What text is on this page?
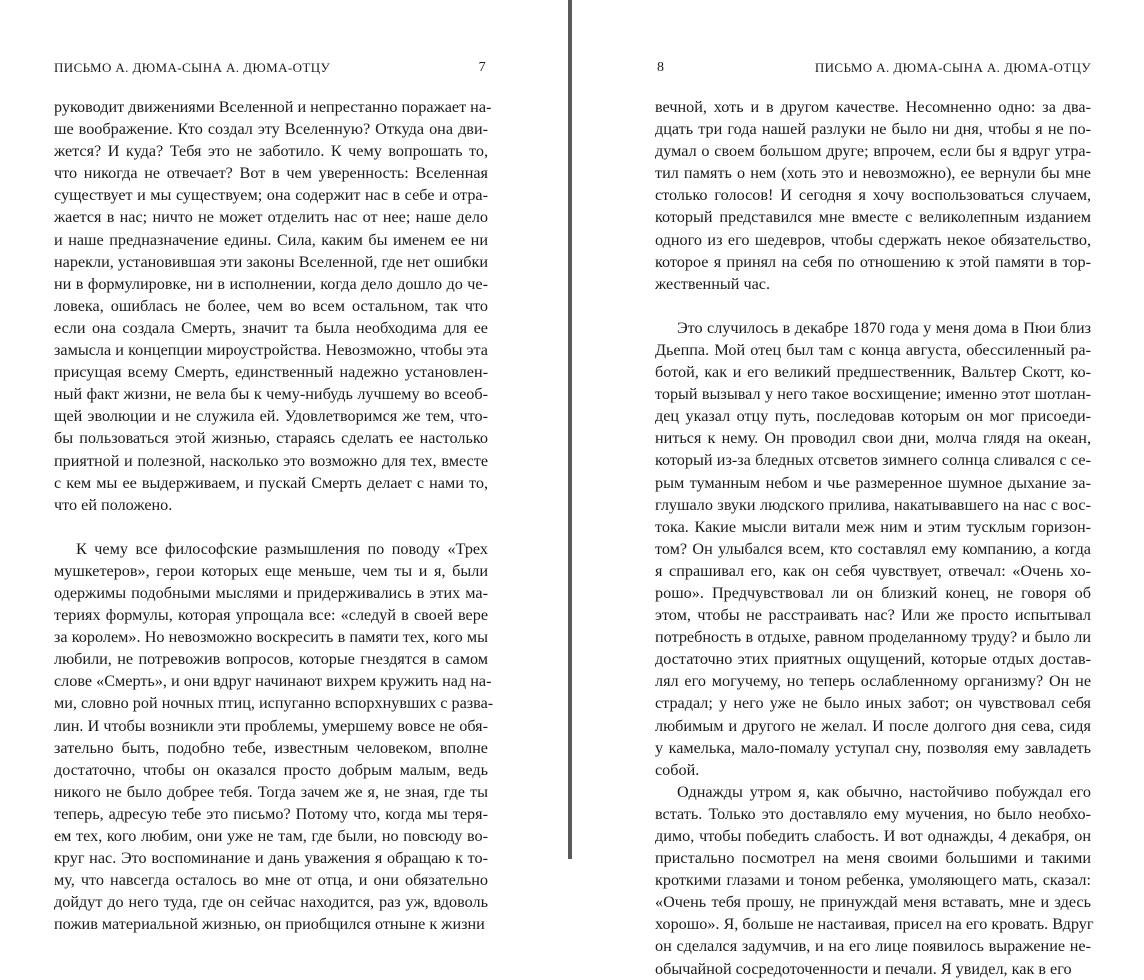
ПИСЬМО А. ДЮМА-СЫНА А. ДЮМА-ОТЦУ	7
руководит движениями Вселенной и непрестанно поражает на-
ше воображение. Кто создал эту Вселенную? Откуда она дви-
жется? И куда? Тебя это не заботило. К чему вопрошать то,
что никогда не отвечает? Вот в чем уверенность: Вселенная
существует и мы существуем; она содержит нас в себе и отра-
жается в нас; ничто не может отделить нас от нее; наше дело
и наше предназначение едины. Сила, каким бы именем ее ни
нарекли, установившая эти законы Вселенной, где нет ошибки
ни в формулировке, ни в исполнении, когда дело дошло до че-
ловека, ошиблась не более, чем во всем остальном, так что
если она создала Смерть, значит та была необходима для ее
замысла и концепции мироустройства. Невозможно, чтобы эта
присущая всему Смерть, единственный надежно установлен-
ный факт жизни, не вела бы к чему-нибудь лучшему во всеоб-
щей эволюции и не служила ей. Удовлетворимся же тем, что-
бы пользоваться этой жизнью, стараясь сделать ее настолько
приятной и полезной, насколько это возможно для тех, вместе
с кем мы ее выдерживаем, и пускай Смерть делает с нами то,
что ей положено.
К чему все философские размышления по поводу «Трех
мушкетеров», герои которых еще меньше, чем ты и я, были
одержимы подобными мыслями и придерживались в этих ма-
териях формулы, которая упрощала все: «следуй в своей вере
за королем». Но невозможно воскресить в памяти тех, кого мы
любили, не потревожив вопросов, которые гнездятся в самом
слове «Смерть», и они вдруг начинают вихрем кружить над на-
ми, словно рой ночных птиц, испуганно вспорхнувших с разва-
лин. И чтобы возникли эти проблемы, умершему вовсе не обя-
зательно быть, подобно тебе, известным человеком, вполне
достаточно, чтобы он оказался просто добрым малым, ведь
никого не было добрее тебя. Тогда зачем же я, не зная, где ты
теперь, адресую тебе это письмо? Потому что, когда мы теря-
ем тех, кого любим, они уже не там, где были, но повсюду во-
круг нас. Это воспоминание и дань уважения я обращаю к то-
му, что навсегда осталось во мне от отца, и они обязательно
дойдут до него туда, где он сейчас находится, раз уж, вдоволь
пожив материальной жизнью, он приобщился отныне к жизни
8	ПИСЬМО А. ДЮМА-СЫНА А. ДЮМА-ОТЦУ
вечной, хоть и в другом качестве. Несомненно одно: за два-
дцать три года нашей разлуки не было ни дня, чтобы я не по-
думал о своем большом друге; впрочем, если бы я вдруг утра-
тил память о нем (хоть это и невозможно), ее вернули бы мне
столько голосов! И сегодня я хочу воспользоваться случаем,
который представился мне вместе с великолепным изданием
одного из его шедевров, чтобы сдержать некое обязательство,
которое я принял на себя по отношению к этой памяти в тор-
жественный час.
Это случилось в декабре 1870 года у меня дома в Пюи близ
Дьеппа. Мой отец был там с конца августа, обессиленный ра-
ботой, как и его великий предшественник, Вальтер Скотт, ко-
торый вызывал у него такое восхищение; именно этот шотлан-
дец указал отцу путь, последовав которым он мог присоеди-
ниться к нему. Он проводил свои дни, молча глядя на океан,
который из-за бледных отсветов зимнего солнца сливался с се-
рым туманным небом и чье размеренное шумное дыхание за-
глушало звуки людского прилива, накатывавшего на нас с вос-
тока. Какие мысли витали меж ним и этим тусклым горизон-
том? Он улыбался всем, кто составлял ему компанию, а когда
я спрашивал его, как он себя чувствует, отвечал: «Очень хо-
рошо». Предчувствовал ли он близкий конец, не говоря об
этом, чтобы не расстраивать нас? Или же просто испытывал
потребность в отдыхе, равном проделанному труду? и было ли
достаточно этих приятных ощущений, которые отдых достав-
лял его могучему, но теперь ослабленному организму? Он не
страдал; у него уже не было иных забот; он чувствовал себя
любимым и другого не желал. И после долгого дня сева, сидя
у камелька, мало-помалу уступал сну, позволяя ему завладеть
собой.
Однажды утром я, как обычно, настойчиво побуждал его
встать. Только это доставляло ему мучения, но было необхо-
димо, чтобы победить слабость. И вот однажды, 4 декабря, он
пристально посмотрел на меня своими большими и такими
кроткими глазами и тоном ребенка, умоляющего мать, сказал:
«Очень тебя прошу, не принуждай меня вставать, мне и здесь
хорошо». Я, больше не настаивая, присел на его кровать. Вдруг
он сделался задумчив, и на его лице появилось выражение не-
обычайной сосредоточенности и печали. Я увидел, как в его
